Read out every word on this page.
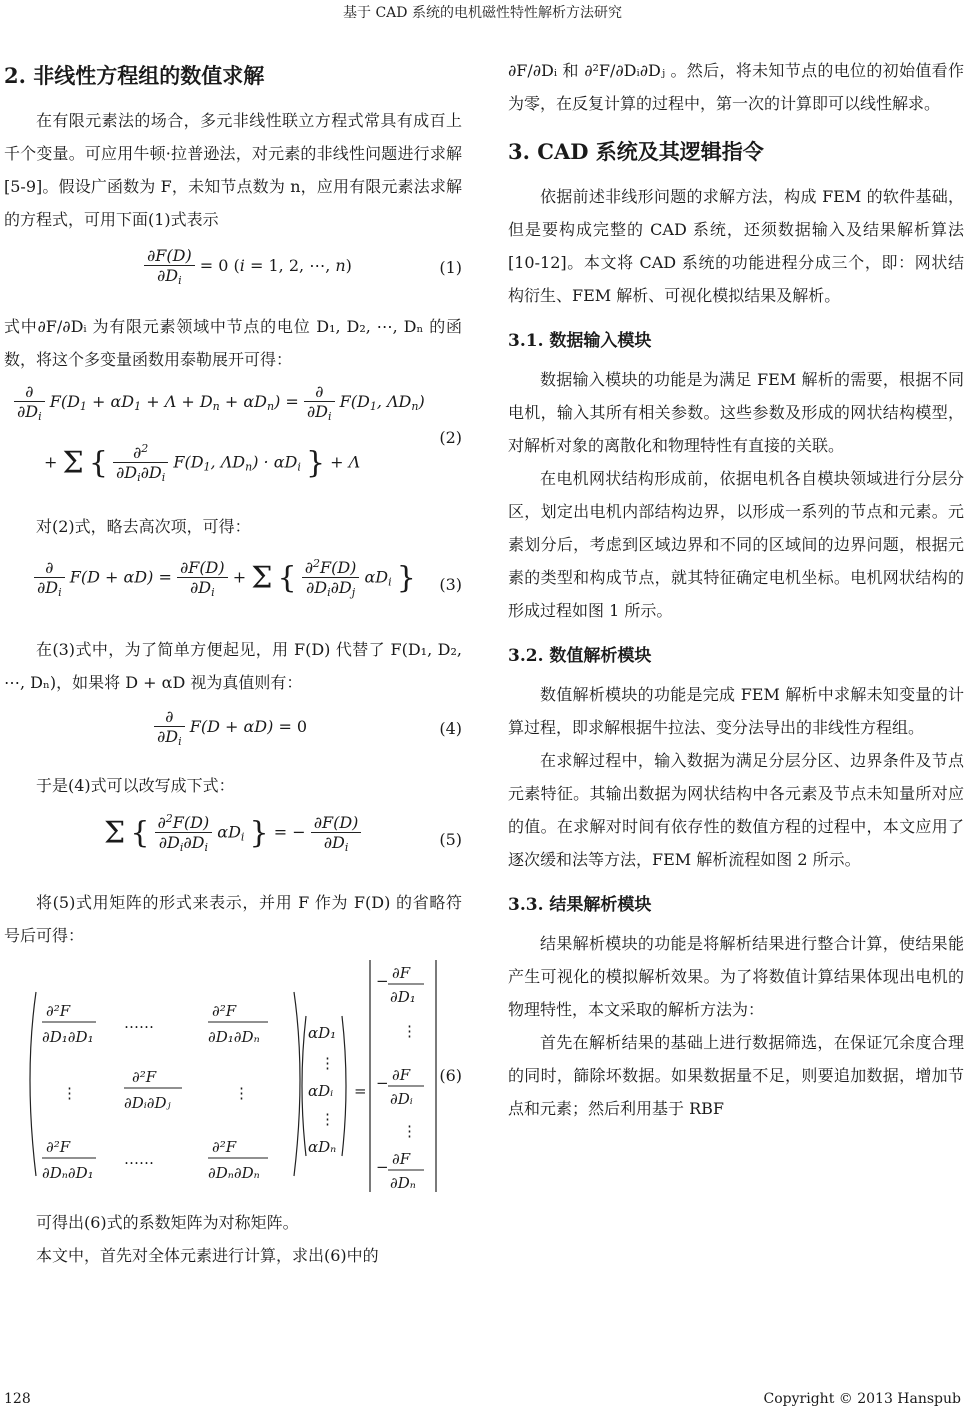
基于 CAD 系统的电机磁性特性解析方法研究
2. 非线性方程组的数值求解

在有限元素法的场合，多元非线性联立方程式常具有成百上千个变量。可应用牛顿·拉普逊法，对元素的非线性问题进行求解[5-9]。假设广函数为 F，未知节点数为 n，应用有限元素法求解的方程式，可用下面(1)式表示

$\frac{\partial F(D)}{\partial Di} = 0$ (i = 1, 2, ⋯, n)	(1)

式中∂F/∂Dᵢ 为有限元素领域中节点的电位 D₁, D₂, ⋯, Dₙ 的函数，将这个多变量函数用泰勒展开可得：

$\frac{\partial}{\partial Di} F(D1 + \alpha D1 + \Lambda + Dn + \alpha Dn) = \frac{\partial}{\partial Di} F(D1$, ΛDn)
+ Σ { $\frac{\partial^2}{\partial Di\partial Di} F(D1$, ΛDn) · αDi } + Λ
(2)

对(2)式，略去高次项，可得：

$\frac{\partial}{\partial Di} F(D + \alpha D) = \frac{\partial F(D)}{\partial Di} + \Sigma$ { $\frac{\partial^2F(D)}{\partial Di\partial Dj}$ αDi } (3)

在(3)式中，为了简单方便起见，用 F(D) 代替了 F(D₁, D₂, ⋯, Dₙ)，如果将 D + αD 视为真值则有：

$\frac{\partial}{\partial Di} F(D + \alpha D) = 0$	(4)

于是(4)式可以改写成下式：

Σ { $\frac{\partial^2F(D)}{\partial Di\partial Di}$ αDi } = − $\frac{\partial F(D)}{\partial Di}$	(5)

将(5)式用矩阵的形式来表示，并用 F 作为 F(D) 的省略符号后可得：

∂²F
∂D₁∂D₁
……
∂²F
∂D₁∂Dₙ
⋮
∂²F
∂Dᵢ∂Dⱼ
⋮
∂²F
∂Dₙ∂D₁
……
∂²F
∂Dₙ∂Dₙ
αD₁
⋮
αDᵢ
⋮
αDₙ
=
− ∂F
∂D₁
⋮
− ∂F
∂Dᵢ
⋮
− ∂F
∂Dₙ
(6)

可得出(6)式的系数矩阵为对称矩阵。

本文中，首先对全体元素进行计算，求出(6)中的

∂F/∂Dᵢ 和 ∂²F/∂Dᵢ∂Dⱼ 。然后，将未知节点的电位的初始值看作为零，在反复计算的过程中，第一次的计算即可以线性解求。

3. CAD 系统及其逻辑指令

依据前述非线形问题的求解方法，构成 FEM 的软件基础，但是要构成完整的 CAD 系统，还须数据输入及结果解析算法[10-12]。本文将 CAD 系统的功能进程分成三个，即：网状结构衍生、FEM 解析、可视化模拟结果及解析。

3.1. 数据输入模块

数据输入模块的功能是为满足 FEM 解析的需要，根据不同电机，输入其所有相关参数。这些参数及形成的网状结构模型，对解析对象的离散化和物理特性有直接的关联。

在电机网状结构形成前，依据电机各自模块领域进行分层分区，划定出电机内部结构边界，以形成一系列的节点和元素。元素划分后，考虑到区域边界和不同的区域间的边界问题，根据元素的类型和构成节点，就其特征确定电机坐标。电机网状结构的形成过程如图 1 所示。

3.2. 数值解析模块

数值解析模块的功能是完成 FEM 解析中求解未知变量的计算过程，即求解根据牛拉法、变分法导出的非线性方程组。

在求解过程中，输入数据为满足分层分区、边界条件及节点元素特征。其输出数据为网状结构中各元素及节点未知量所对应的值。在求解对时间有依存性的数值方程的过程中，本文应用了逐次缓和法等方法，FEM 解析流程如图 2 所示。

3.3. 结果解析模块

结果解析模块的功能是将解析结果进行整合计算，使结果能产生可视化的模拟解析效果。为了将数值计算结果体现出电机的物理特性，本文采取的解析方法为：

首先在解析结果的基础上进行数据筛选，在保证冗余度合理的同时，篩除坏数据。如果数据量不足，则要追加数据，增加节点和元素；然后利用基于 RBF

128	Copyright © 2013 Hanspub
